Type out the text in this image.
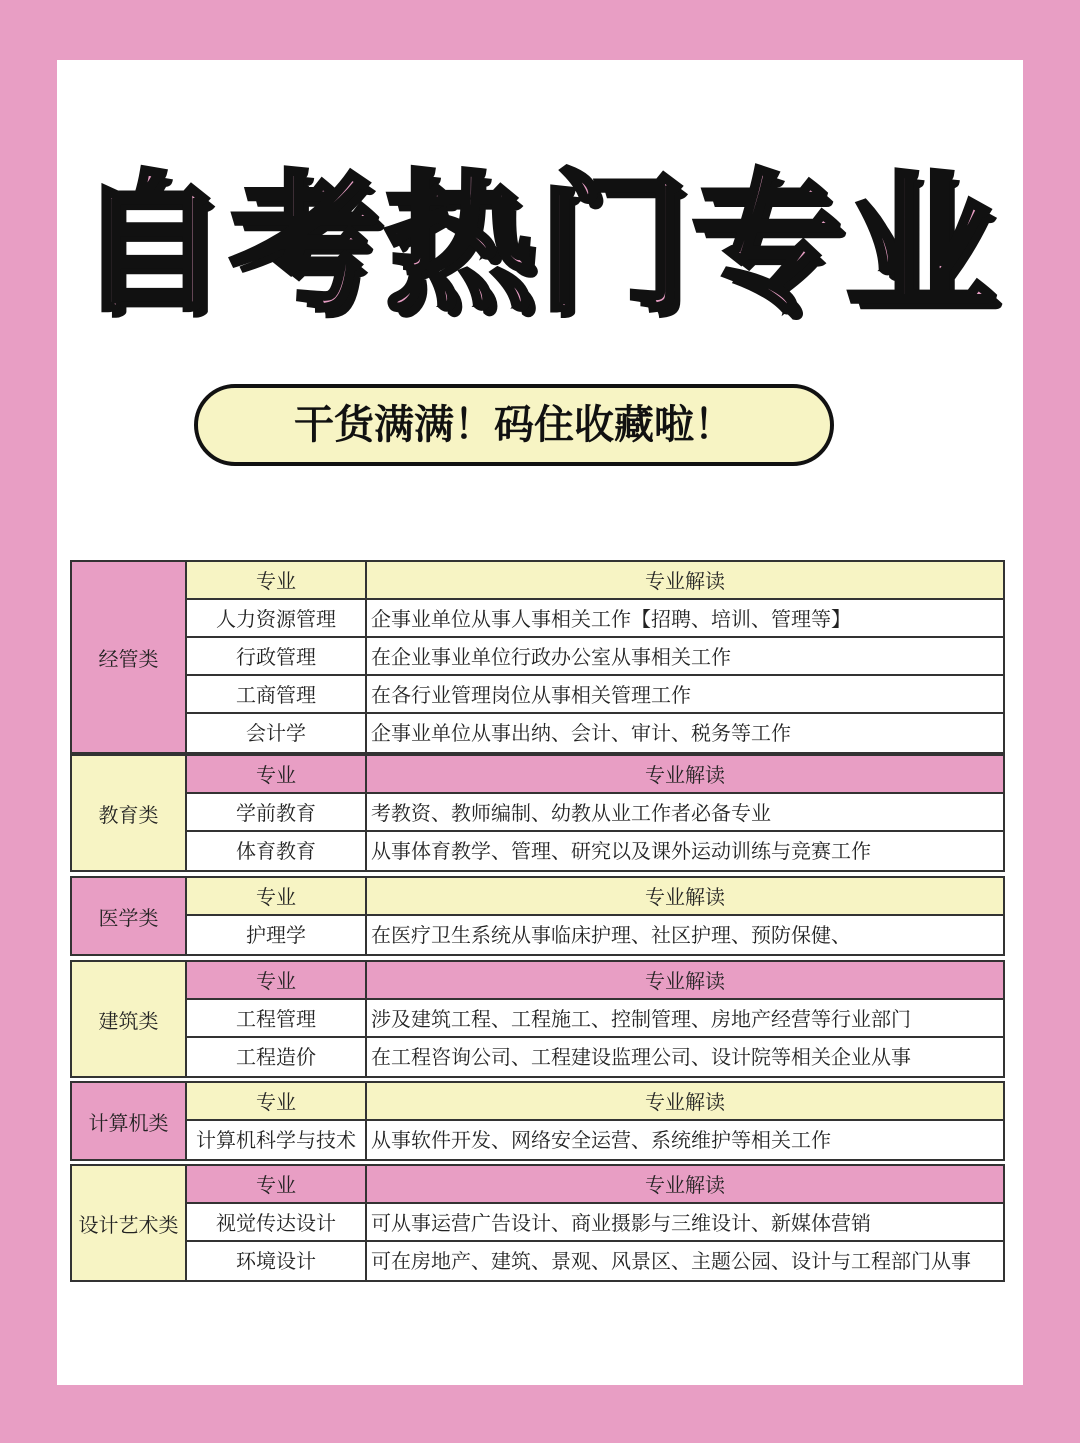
自考热门专业
干货满满！码住收藏啦！
经管类
专业	专业解读
人力资源管理	企事业单位从事人事相关工作【招聘、培训、管理等】
行政管理	在企业事业单位行政办公室从事相关工作
工商管理	在各行业管理岗位从事相关管理工作
会计学	企事业单位从事出纳、会计、审计、税务等工作
教育类
专业	专业解读
学前教育	考教资、教师编制、幼教从业工作者必备专业
体育教育	从事体育教学、管理、研究以及课外运动训练与竞赛工作
医学类
专业	专业解读
护理学	在医疗卫生系统从事临床护理、社区护理、预防保健、
建筑类
专业	专业解读
工程管理	涉及建筑工程、工程施工、控制管理、房地产经营等行业部门
工程造价	在工程咨询公司、工程建设监理公司、设计院等相关企业从事
计算机类
专业	专业解读
计算机科学与技术 从事软件开发、网络安全运营、系统维护等相关工作
设计艺术类
专业	专业解读
视觉传达设计	可从事运营广告设计、商业摄影与三维设计、新媒体营销
环境设计	可在房地产、建筑、景观、风景区、主题公园、设计与工程部门从事
